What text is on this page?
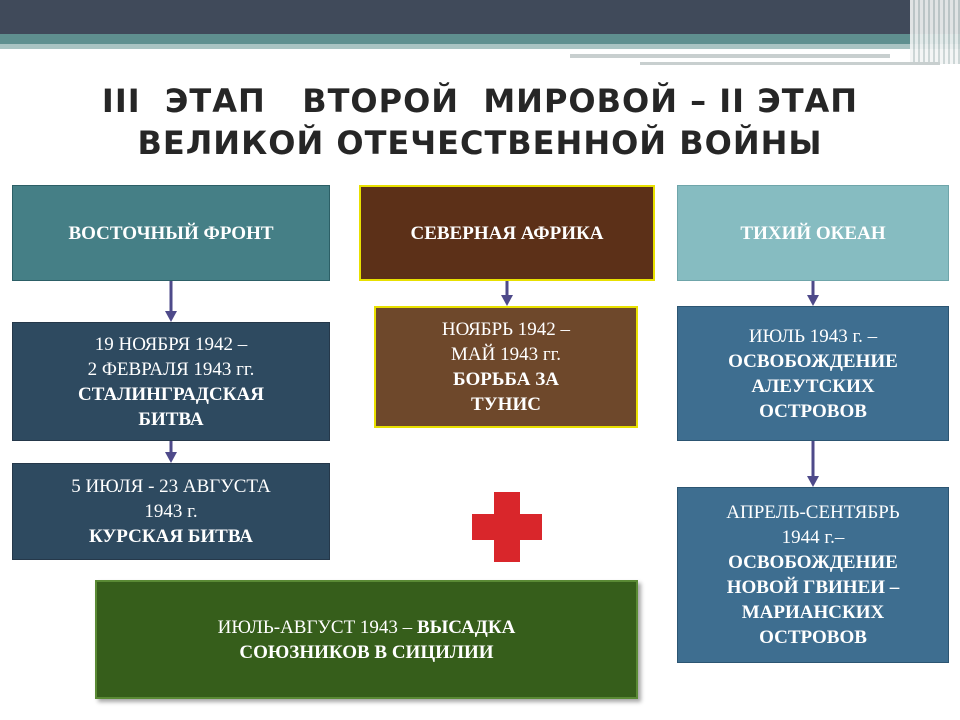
III  ЭТАП   ВТОРОЙ  МИРОВОЙ – II ЭТАП
ВЕЛИКОЙ ОТЕЧЕСТВЕННОЙ ВОЙНЫ
ВОСТОЧНЫЙ ФРОНТ	СЕВЕРНАЯ АФРИКА	ТИХИЙ ОКЕАН
19 НОЯБРЯ 1942 –
2 ФЕВРАЛЯ 1943 гг.
СТАЛИНГРАДСКАЯ
БИТВА
5 ИЮЛЯ - 23 АВГУСТА
1943 г.
КУРСКАЯ БИТВА
НОЯБРЬ 1942 –
МАЙ 1943 гг.
БОРЬБА ЗА
ТУНИС
ИЮЛЬ 1943 г. –
ОСВОБОЖДЕНИЕ
АЛЕУТСКИХ
ОСТРОВОВ
АПРЕЛЬ-СЕНТЯБРЬ
1944 г.–
ОСВОБОЖДЕНИЕ
НОВОЙ ГВИНЕИ –
МАРИАНСКИХ
ОСТРОВОВ
ИЮЛЬ-АВГУСТ 1943 – ВЫСАДКА
СОЮЗНИКОВ В СИЦИЛИИ
